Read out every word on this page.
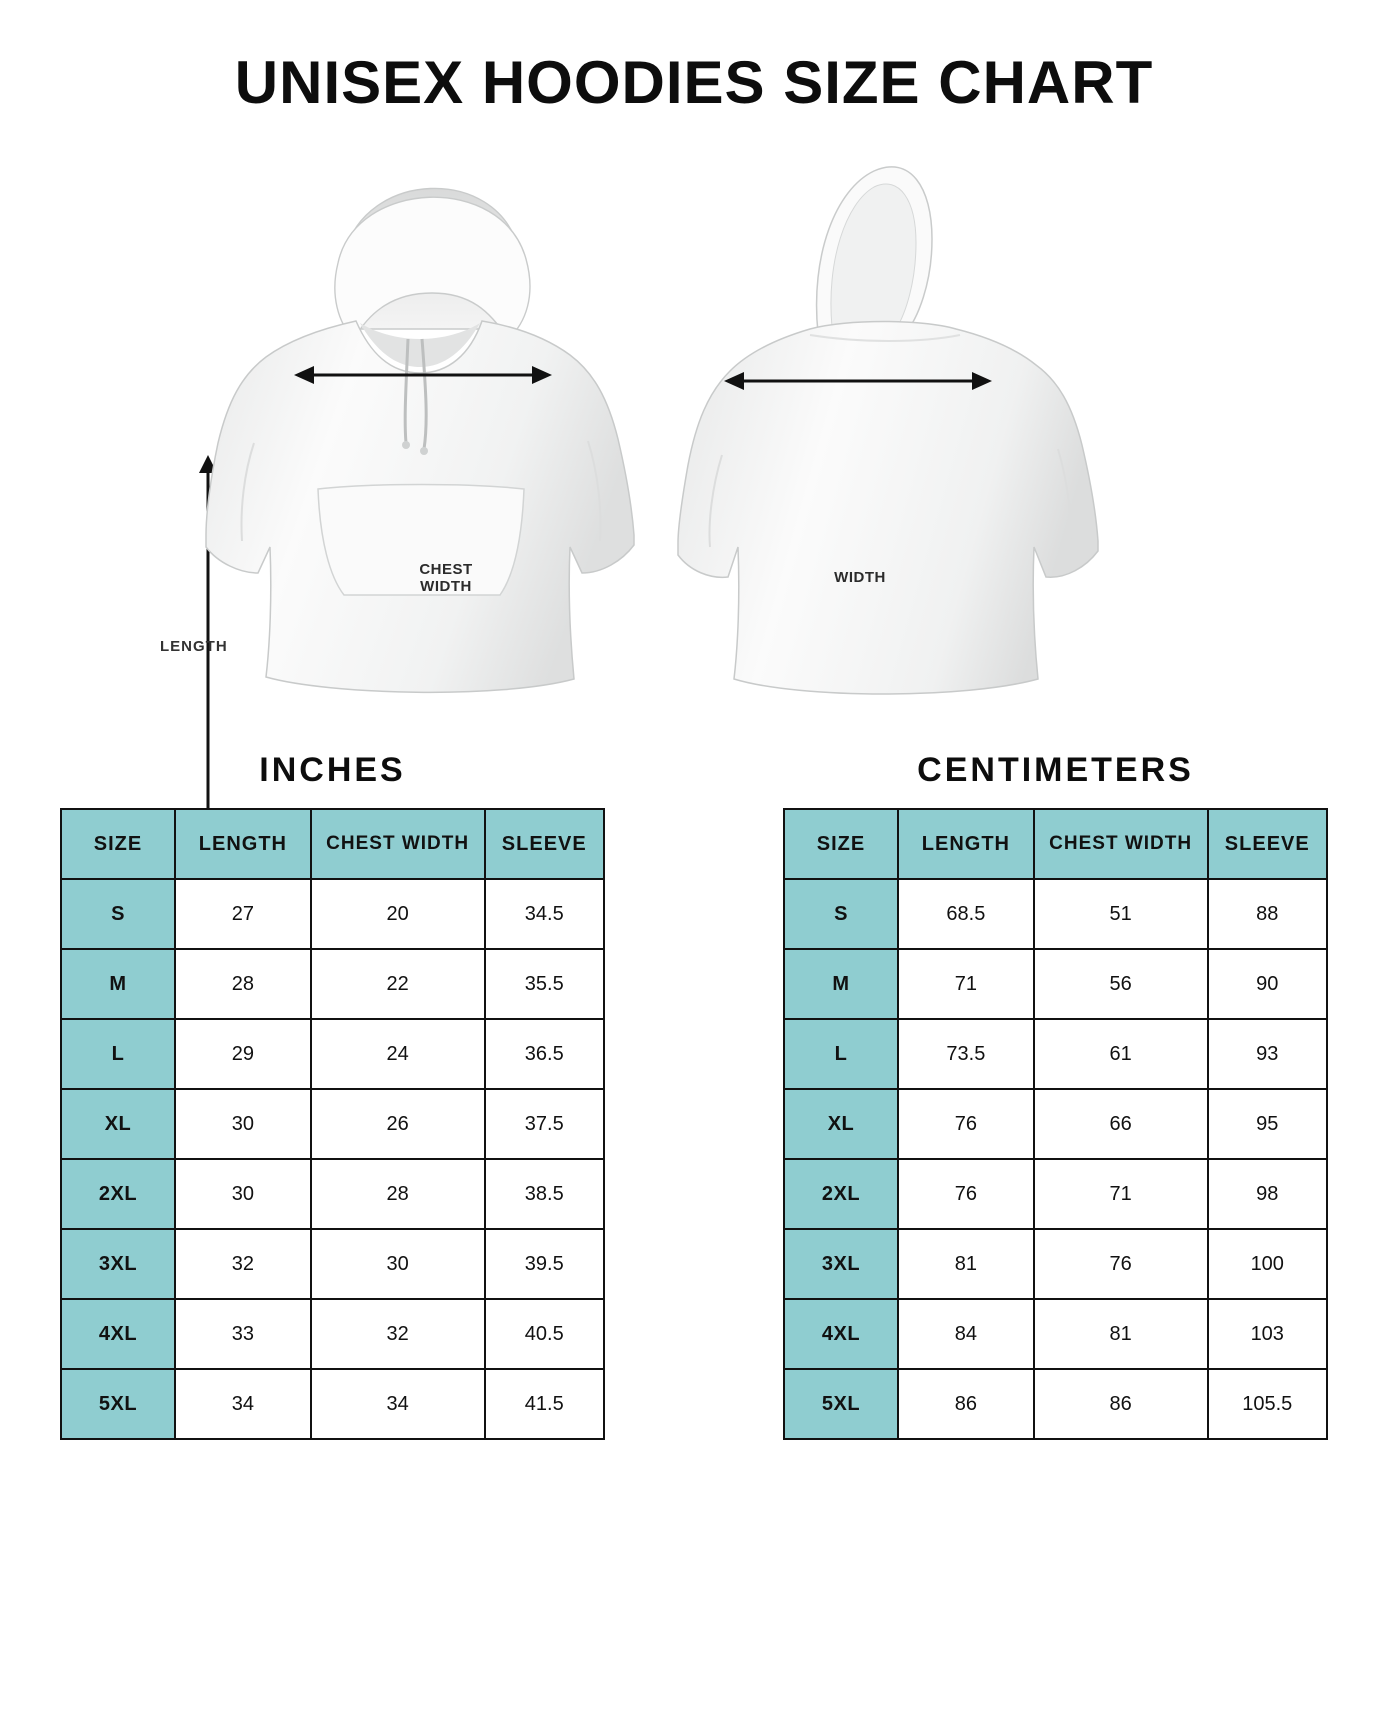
UNISEX HOODIES SIZE CHART
LENGTH
CHEST
WIDTH
WIDTH
INCHES
SIZE	LENGTH	CHEST WIDTH	SLEEVE
S	27	20	34.5
M	28	22	35.5
L	29	24	36.5
XL	30	26	37.5
2XL	30	28	38.5
3XL	32	30	39.5
4XL	33	32	40.5
5XL	34	34	41.5
CENTIMETERS
SIZE	LENGTH	CHEST WIDTH	SLEEVE
S	68.5	51	88
M	71	56	90
L	73.5	61	93
XL	76	66	95
2XL	76	71	98
3XL	81	76	100
4XL	84	81	103
5XL	86	86	105.5
